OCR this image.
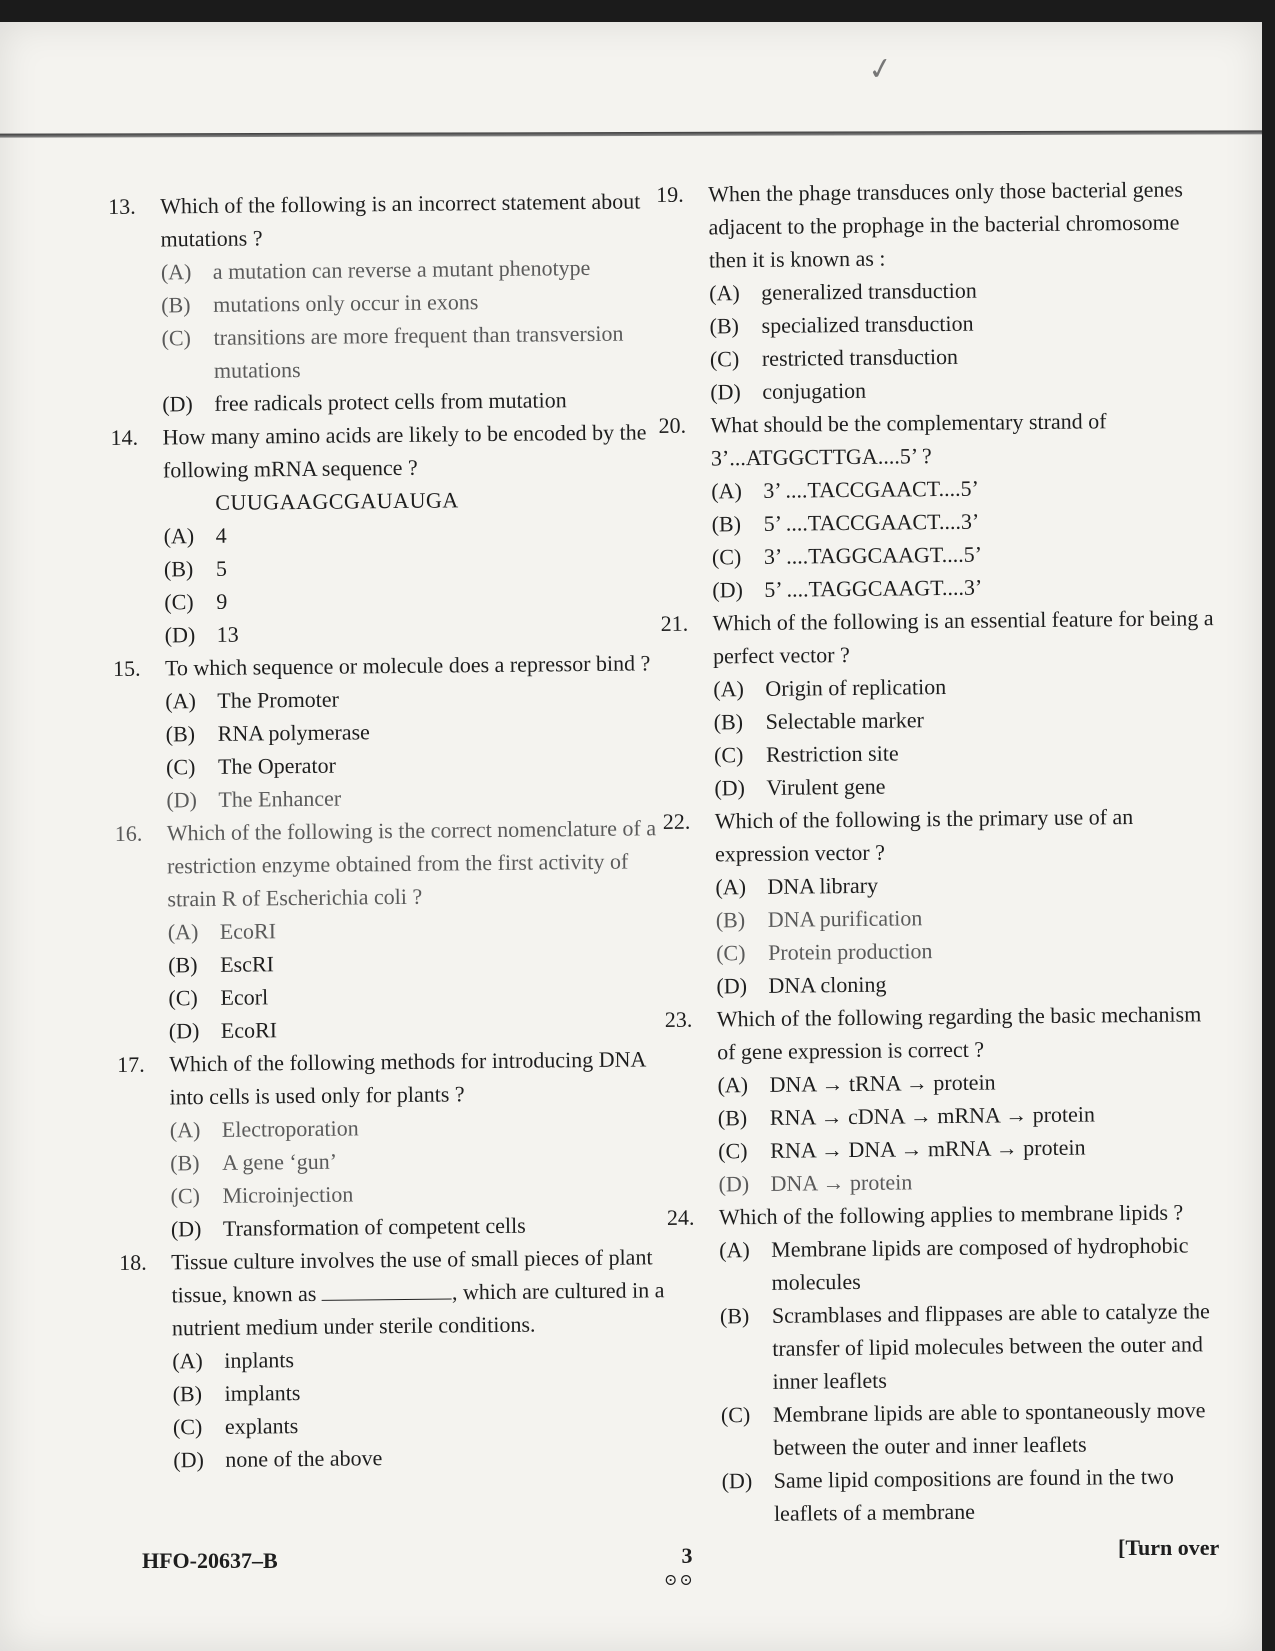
✓
13.	Which of the following is an incorrect statement about mutations ?
(A) a mutation can reverse a mutant phenotype
(B) mutations only occur in exons
(C) transitions are more frequent than transversion mutations
(D) free radicals protect cells from mutation
14.	How many amino acids are likely to be encoded by the following mRNA sequence ?
CUUGAAGCGAUAUGA
(A) 4
(B) 5
(C) 9
(D) 13
15.	To which sequence or molecule does a repressor bind ?
(A) The Promoter
(B) RNA polymerase
(C) The Operator
(D) The Enhancer
16.	Which of the following is the correct nomenclature of a restriction enzyme obtained from the first activity of strain R of Escherichia coli ?
(A) EcoRI
(B) EscRI
(C) Ecorl
(D) EcoRI
17.	Which of the following methods for introducing DNA into cells is used only for plants ?
(A) Electroporation
(B) A gene ‘gun’
(C) Microinjection
(D) Transformation of competent cells
18.	Tissue culture involves the use of small pieces of plant tissue, known as	, which are cultured in a nutrient medium under sterile conditions.
(A) inplants
(B) implants
(C) explants
(D) none of the above
19.	When the phage transduces only those bacterial genes adjacent to the prophage in the bacterial chromosome then it is known as :
(A) generalized transduction
(B) specialized transduction
(C) restricted transduction
(D) conjugation
20.	What should be the complementary strand of 3’...ATGGCTTGA....5’ ?
(A) 3’ ....TACCGAACT....5’
(B) 5’ ....TACCGAACT....3’
(C) 3’ ....TAGGCAAGT....5’
(D) 5’ ....TAGGCAAGT....3’
21.	Which of the following is an essential feature for being a perfect vector ?
(A) Origin of replication
(B) Selectable marker
(C) Restriction site
(D) Virulent gene
22.	Which of the following is the primary use of an expression vector ?
(A) DNA library
(B) DNA purification
(C) Protein production
(D) DNA cloning
23.	Which of the following regarding the basic mechanism of gene expression is correct ?
(A) DNA → tRNA → protein
(B) RNA → cDNA → mRNA → protein
(C) RNA → DNA → mRNA → protein
(D) DNA → protein
24.	Which of the following applies to membrane lipids ?
(A) Membrane lipids are composed of hydrophobic molecules
(B) Scramblases and flippases are able to catalyze the transfer of lipid molecules between the outer and inner leaflets
(C) Membrane lipids are able to spontaneously move between the outer and inner leaflets
(D) Same lipid compositions are found in the two leaflets of a membrane
HFO-20637–B	3
⊙⊙
[Turn over
